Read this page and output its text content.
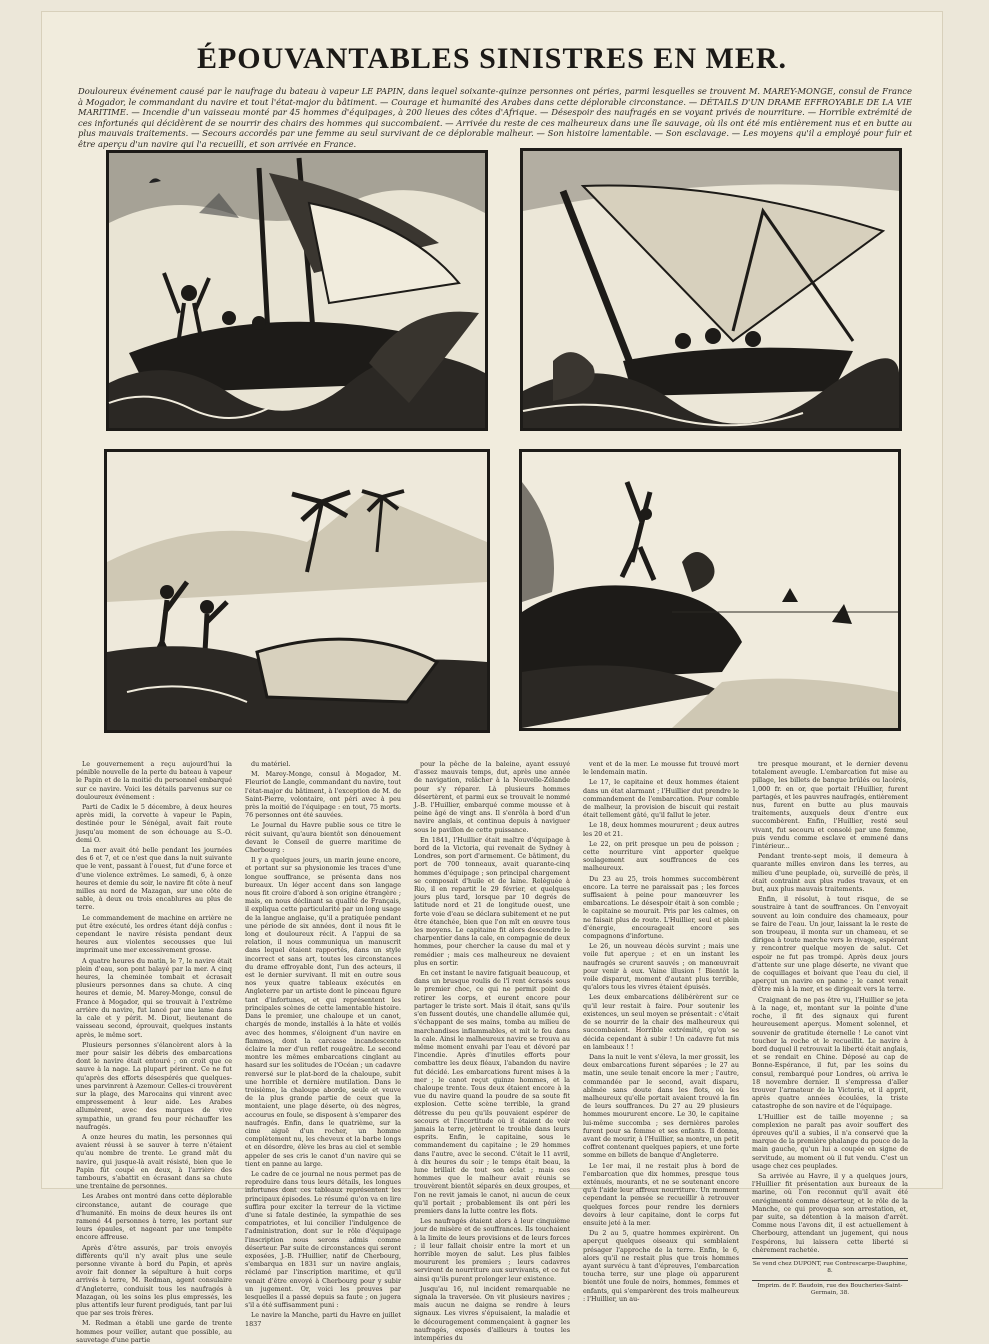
ÉPOUVANTABLES SINISTRES EN MER.
Douloureux événement causé par le naufrage du bateau à vapeur LE PAPIN, dans lequel soixante-quinze personnes ont péries, parmi lesquelles se trouvent M. MAREY-MONGE, consul de France à Mogador, le commandant du navire et tout l'état-major du bâtiment. — Courage et humanité des Arabes dans cette déplorable circonstance. — DÉTAILS D'UN DRAME EFFROYABLE DE LA VIE MARITIME. — Incendie d'un vaisseau monté par 45 hommes d'équipages, à 200 lieues des côtes d'Afrique. — Désespoir des naufragés en se voyant privés de nourriture. — Horrible extrémité de ces infortunés qui décidèrent de se nourrir des chairs des hommes qui succombaient. — Arrivée du reste de ces malheureux dans une île sauvage, où ils ont été mis entièrement nus et en butte au plus mauvais traitements. — Secours accordés par une femme au seul survivant de ce déplorable malheur. — Son histoire lamentable. — Son esclavage. — Les moyens qu'il a employé pour fuir et être aperçu d'un navire qui l'a recueilli, et son arrivée en France.

Le gouvernement a reçu aujourd'hui la pénible nouvelle de la perte du bateau à vapeur le Papin et de la moitié du personnel embarqué sur ce navire. Voici les détails parvenus sur ce douloureux événement :

Parti de Cadix le 5 décembre, à deux heures après midi, la corvette à vapeur le Papin, destinée pour le Sénégal, avait fait route jusqu'au moment de son échouage au S.-O. demi O.

La mer avait été belle pendant les journées des 6 et 7, et ce n'est que dans la nuit suivante que le vent, passant à l'ouest, fut d'une force et d'une violence extrêmes. Le samedi, 6, à onze heures et demie du soir, le navire fit côte à neuf milles au nord de Mazagan, sur une côte de sable, à deux ou trois encablures au plus de terre.

Le commandement de machine en arrière ne put être exécuté, les ordres étant déjà confus : cependant le navire résista pendant deux heures aux violentes secousses que lui imprimait une mer excessivement grosse.

A quatre heures du matin, le 7, le navire était plein d'eau, son pont balayé par la mer. A cinq heures, la cheminée tombait et écrasait plusieurs personnes dans sa chute. A cinq heures et demie, M. Marey-Monge, consul de France à Mogador, qui se trouvait à l'extrême arrière du navire, fut lancé par une lame dans la cale et y périt. M. Diout, lieutenant de vaisseau second, éprouvait, quelques instants après, le même sort.

Plusieurs personnes s'élancèrent alors à la mer pour saisir les débris des embarcations dont le navire était entouré ; on croit que ce sauve à la nage. La plupart périrent. Ce ne fut qu'après des efforts désespérés que quelques-unes parvinrent à Azemour. Celles-ci trouvèrent sur la plage, des Marocains qui vinrent avec empressement à leur aide. Les Arabes allumèrent, avec des marques de vive sympathie, un grand feu pour réchauffer les naufragés.

A onze heures du matin, les personnes qui avaient réussi à se sauver à terre n'étaient qu'au nombre de trente. Le grand mât du navire, qui jusque-là avait résisté, bien que le Papin fût coupé en deux, à l'arrière des tambours, s'abattit en écrasant dans sa chute une trentaine de personnes.

Les Arabes ont montré dans cette déplorable circonstance, autant de courage que d'humanité. En moins de deux heures ils ont ramené 44 personnes à terre, les portant sur leurs épaules, et nageant par une tempête encore affreuse.

Après d'être assurés, par trois envoyés différents qu'il n'y avait plus une seule personne vivante à bord du Papin, et après avoir fait donner la sépulture à huit corps arrivés à terre, M. Redman, agent consulaire d'Angleterre, conduisit tous les naufragés à Mazagan, où les soins les plus empressés, les plus attentifs leur furent prodigués, tant par lui que par ses trois frères.

M. Redman a établi une garde de trente hommes pour veiller, autant que possible, au sauvetage d'une partie

du matériel.

M. Marey-Monge, consul à Mogador, M. Fleuriot de Langle, commandant du navire, tout l'état-major du bâtiment, à l'exception de M. de Saint-Pierre, volontaire, ont péri avec à peu près la moitié de l'équipage : en tout, 75 morts. 76 personnes ont été sauvées.

Le Journal du Havre publie sous ce titre le récit suivant, qu'aura bientôt son dénouement devant le Conseil de guerre maritime de Cherbourg :

Il y a quelques jours, un marin jeune encore, et portant sur sa physionomie les traces d'une longue souffrance, se présenta dans nos bureaux. Un léger accent dans son langage nous fit croire d'abord à son origine étrangère ; mais, en nous déclinant sa qualité de Français, il expliqua cette particularité par un long usage de la langue anglaise, qu'il a pratiquée pendant une période de six années, dont il nous fit le long et douloureux récit. A l'appui de sa relation, il nous communiqua un manuscrit dans lequel étaient rapportés, dans un style incorrect et sans art, toutes les circonstances du drame effroyable dont, l'un des acteurs, il est le dernier survivant. Il mit en outre sous nos yeux quatre tableaux exécutés en Angleterre par un artiste dont le pinceau figure tant d'infortunes, et qui représentent les principales scènes de cette lamentable histoire. Dans le premier, une chaloupe et un canot, chargés de monde, installés à la hâte et voilés avec des hommes, s'éloignent d'un navire en flammes, dont la carcasse incandescente éclaire la mer d'un reflet rougeâtre. Le second montre les mêmes embarcations cinglant au hasard sur les solitudes de l'Océan ; un cadavre renversé sur le plat-bord de la chaloupe, subit une horrible et dernière mutilation. Dans le troisième, la chaloupe aborde, seule et veuve de la plus grande partie de ceux que la montaient, une plage déserte, où des nègres, accourus en foule, se disposent à s'emparer des naufragés. Enfin, dans le quatrième, sur la cime aiguë d'un rocher, un homme complètement nu, les cheveux et la barbe longs et en désordre, élève les bras au ciel et semble appeler de ses cris le canot d'un navire qui se tient en panne au large.

Le cadre de ce journal ne nous permet pas de reproduire dans tous leurs détails, les longues infortunes dont ces tableaux représentent les principaux épisodes. Le résumé qu'on va en lire suffira pour exciter la terreur de la victime d'une si fatale destinée, la sympathie de ses compatriotes, et lui concilier l'indulgence de l'administration, dont sur le rôle d'équipage l'inscription nous serons admis comme déserteur. Par suite de circonstances qui seront exposées, J.-B. l'Huillier, natif de Cherbourg, s'embarqua en 1831 sur un navire anglais, réclamé par l'inscription maritime, et qu'il venait d'être envoyé à Cherbourg pour y subir un jugement. Or, voici les preuves par lesquelles il a passé depuis sa faute ; on jugera s'il a été suffisamment puni :

Le navire la Manche, parti du Havre en juillet 1837

pour la pêche de la baleine, ayant essuyé d'assez mauvais temps, dut, après une année de navigation, relâcher à la Nouvelle-Zélande pour s'y réparer. Là plusieurs hommes désertèrent, et parmi eux se trouvait le nommé J.-B. l'Huillier, embarqué comme mousse et à peine âgé de vingt ans. Il s'enrôla à bord d'un navire anglais, et continua depuis à naviguer sous le pavillon de cette puissance.

En 1841, l'Huillier était maître d'équipage à bord de la Victoria, qui revenait de Sydney à Londres, son port d'armement. Ce bâtiment, du port de 700 tonneaux, avait quarante-cinq hommes d'équipage ; son principal chargement se composait d'huile et de laine. Reléguée à Rio, il en repartit le 29 février, et quelques jours plus tard, lorsque par 10 degrés de latitude nord et 21 de longitude ouest, une forte voie d'eau se déclara subitement et ne put être étanchée, bien que l'on mît en œuvre tous les moyens. Le capitaine fit alors descendre le charpentier dans la cale, en compagnie de deux hommes, pour chercher la cause du mal et y remédier ; mais ces malheureux ne devaient plus en sortir.

En cet instant le navire fatiguait beaucoup, et dans un brusque roulis de l'î rent écrasés sous le premier choc, ce qui ne permit point de retirer les corps, et eurent encore pour partager le triste sort. Mais il était, sans qu'ils s'en fussent doutés, une chandelle allumée qui, s'échappant de ses mains, tomba au milieu de marchandises inflammables, et mit le feu dans la cale. Ainsi le malheureux navire se trouva au même moment envahi par l'eau et dévoré par l'incendie. Après d'inutiles efforts pour combattre les deux fléaux, l'abandon du navire fut décidé. Les embarcations furent mises à la mer ; le canot reçut quinze hommes, et la chaloupe trente. Tous deux étaient encore à la vue du navire quand la poudre de sa soute fit explosion. Cette scène terrible, la grand détresse du peu qu'ils pouvaient espérer de secours et l'incertitude où il étaient de voir jamais la terre, jetèrent le trouble dans leurs esprits. Enfin, le capitaine, sous le commandement du capitaine ; le 29 hommes dans l'autre, avec le second. C'était le 11 avril, à dix heures du soir ; le temps était beau, la lune brillait de tout son éclat ; mais ces hommes que le malheur avait réunis se trouvèrent bientôt séparés en deux groupes, et l'on ne revit jamais le canot, ni aucun de ceux qu'il portait ; probablement ils ont péri les premiers dans la lutte contre les flots.

Les naufragés étaient alors à leur cinquième jour de misère et de souffrances. Ils touchaient à la limite de leurs provisions et de leurs forces ; il leur fallait choisir entre la mort et un horrible moyen de salut. Les plus faibles moururent les premiers ; leurs cadavres servirent de nourriture aux survivants, et ce fut ainsi qu'ils purent prolonger leur existence.

Jusqu'au 16, nul incident remarquable ne signala la traversée. On vit plusieurs navires ; mais aucun ne daigna se rendre à leurs signaux. Les vivres s'épuisaient, la maladie et le découragement commençaient à gagner les naufragés, exposés d'ailleurs à toutes les intempéries du

vent et de la mer. Le mousse fut trouvé mort le lendemain matin.

Le 17, le capitaine et deux hommes étaient dans un état alarmant ; l'Huillier dut prendre le commandement de l'embarcation. Pour comble de malheur, la provision de biscuit qui restait était tellement gâté, qu'il fallut le jeter.

Le 18, deux hommes moururent ; deux autres les 20 et 21.

Le 22, on prit presque un peu de poisson ; cette nourriture vint apporter quelque soulagement aux souffrances de ces malheureux.

Du 23 au 25, trois hommes succombèrent encore. La terre ne paraissait pas ; les forces suffisaient à peine pour manœuvrer les embarcations. Le désespoir était à son comble ; le capitaine se mourait. Pris par les calmes, on ne faisait plus de route. L'Huillier, seul et plein d'énergie, encourageait encore ses compagnons d'infortune.

Le 26, un nouveau décès survint ; mais une voile fut aperçue ; et en un instant les naufragés se crurent sauvés ; on manœuvrait pour venir à eux. Vaine illusion ! Bientôt la voile disparut, moment d'autant plus terrible, qu'alors tous les vivres étaient épuisés.

Les deux embarcations délibérèrent sur ce qu'il leur restait à faire. Pour soutenir les existences, un seul moyen se présentait : c'était de se nourrir de la chair des malheureux qui succombaient. Horrible extrémité, qu'on se décida cependant à subir ! Un cadavre fut mis en lambeaux ! !

Dans la nuit le vent s'éleva, la mer grossit, les deux embarcations furent séparées ; le 27 au matin, une seule tenait encore la mer ; l'autre, commandée par le second, avait disparu, abîmée sans doute dans les flots, où les malheureux qu'elle portait avaient trouvé la fin de leurs souffrances. Du 27 au 29 plusieurs hommes moururent encore. Le 30, le capitaine lui-même succomba ; ses dernières paroles furent pour sa femme et ses enfants. Il donna, avant de mourir, à l'Huillier, sa montre, un petit coffret contenant quelques papiers, et une forte somme en billets de banque d'Angleterre.

Le 1er mai, il ne restait plus à bord de l'embarcation que dix hommes, presque tous exténués, mourants, et ne se soutenant encore qu'à l'aide leur affreux nourriture. Un moment cependant la pensée se recueillir à retrouver quelques forces pour rendre les derniers devoirs à leur capitaine, dont le corps fut ensuite jeté à la mer.

Du 2 au 5, quatre hommes expirèrent. On aperçut quelques oiseaux qui semblaient présager l'approche de la terre. Enfin, le 6, alors qu'il ne restait plus que trois hommes ayant survécu à tant d'épreuves, l'embarcation toucha terre, sur une plage où apparurent bientôt une foule de noirs, hommes, femmes et enfants, qui s'emparèrent des trois malheureux : l'Huillier, un au-

tre presque mourant, et le dernier devenu totalement aveugle. L'embarcation fut mise au pillage, les billets de banque brûlés ou lacérés, 1,000 fr. en or, que portait l'Huillier, furent partagés, et les pauvres naufragés, entièrement nus, furent en butte au plus mauvais traitements, auxquels deux d'entre eux succombèrent. Enfin, l'Huillier, resté seul vivant, fut secouru et consolé par une femme, puis vendu comme esclave et emmené dans l'intérieur...

Pendant trente-sept mois, il demeura à quarante milles environ dans les terres, au milieu d'une peuplade, où, surveillé de près, il était contraint aux plus rudes travaux, et en but, aux plus mauvais traitements.

Enfin, il résolut, à tout risque, de se soustraire à tant de souffrances. On l'envoyait souvent au loin conduire des chameaux, pour se faire de l'eau. Un jour, laissant la le reste de son troupeau, il monta sur un chameau, et se dirigea à toute marche vers le rivage, espérant y rencontrer quelque moyen de salut. Cet espoir ne fut pas trompé. Après deux jours d'attente sur une plage déserte, ne vivant que de coquillages et boivant que l'eau du ciel, il aperçut un navire en panne ; le canot venait d'être mis à la mer, et se dirigeait vers la terre.

Craignant de ne pas être vu, l'Huillier se jeta à la nage, et, montant sur la pointe d'une roche, il fit des signaux qui furent heureusement aperçus. Moment solennel, et souvenir de gratitude éternelle ! Le canot vint toucher la roche et le recueillit. Le navire à bord duquel il retrouvait la liberté était anglais, et se rendait en Chine. Déposé au cap de Bonne-Espérance, il fut, par les soins du consul, rembarqué pour Londres, où arriva le 18 novembre dernier. Il s'empressa d'aller trouver l'armateur de la Victoria, et il apprit, après quatre années écoulées, la triste catastrophe de son navire et de l'équipage.

L'Huillier est de taille moyenne ; sa complexion ne paraît pas avoir souffert des épreuves qu'il a subies, il n'a conservé que la marque de la première phalange du pouce de la main gauche, qu'un lui a coupée en signe de servitude, au moment où il fut vendu. C'est un usage chez ces peuplades.

Sa arrivée au Havre, il y a quelques jours, l'Huillier fit présentation aux bureaux de la marine, où l'on reconnut qu'il avait été enrégimenté comme déserteur, et le rôle de la Manche, ce qui provoqua son arrestation, et, par suite, sa détention à la maison d'arrêt. Comme nous l'avons dit, il est actuellement à Cherbourg, attendant un jugement, qui nous l'espérons, lui laissera cette liberté si chèrement rachetée.

Se vend chez DUPONT, rue Contrescarpe-Dauphine, 8.
Imprim. de F. Baudoin, rue des Boucheries-Saint-Germain, 38.
